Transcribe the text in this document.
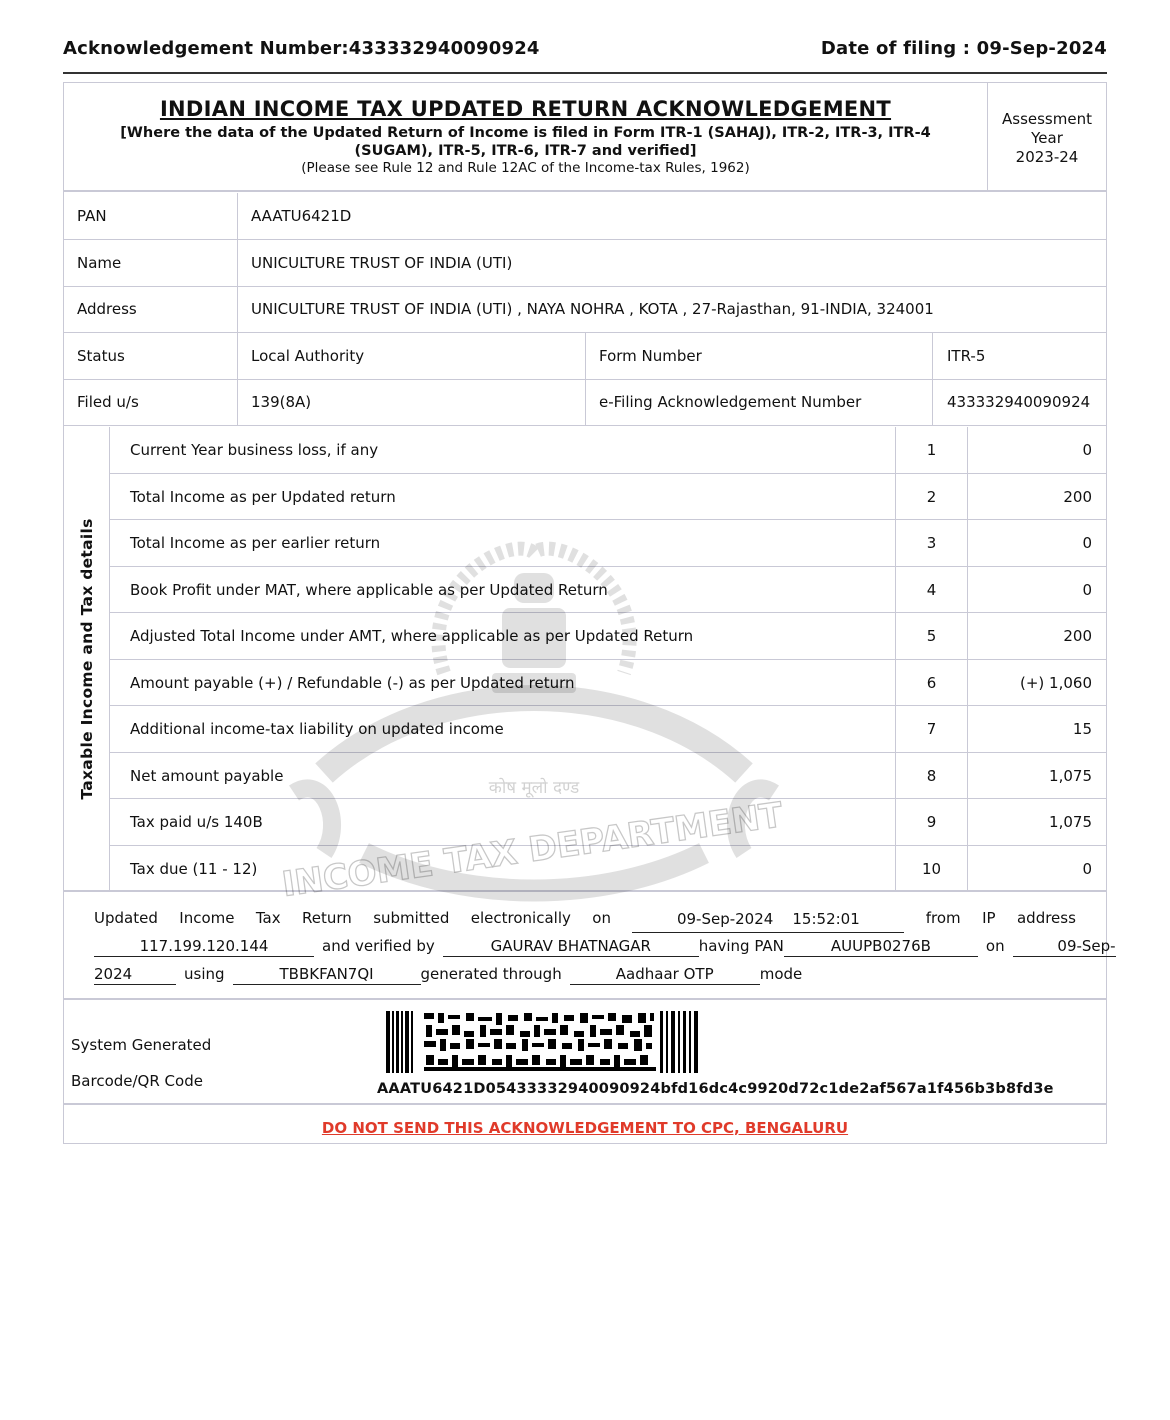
Acknowledgement Number:433332940090924	Date of filing : 09-Sep-2024
INDIAN INCOME TAX UPDATED RETURN ACKNOWLEDGEMENT
[Where the data of the Updated Return of Income is filed in Form ITR-1 (SAHAJ), ITR-2, ITR-3, ITR-4 (SUGAM), ITR-5, ITR-6, ITR-7 and verified]
(Please see Rule 12 and Rule 12AC of the Income-tax Rules, 1962)
Assessment
Year
2023-24
PAN	AAATU6421D
Name	UNICULTURE TRUST OF INDIA (UTI)
Address	UNICULTURE TRUST OF INDIA (UTI) , NAYA NOHRA , KOTA , 27-Rajasthan, 91-INDIA, 324001
Status	Local Authority	Form Number	ITR-5
Filed u/s	139(8A)	e-Filing Acknowledgement Number	433332940090924
Taxable Income and Tax details
Current Year business loss, if any	1	0
Total Income as per Updated return	2	200
Total Income as per earlier return	3	0
Book Profit under MAT, where applicable as per Updated Return	4	0
Adjusted Total Income under AMT, where applicable as per Updated Return	5	200
Amount payable (+) / Refundable (-) as per Updated return	6	(+) 1,060
Additional income-tax liability on updated income	7	15
Net amount payable	8	1,075
Tax paid u/s 140B	9	1,075
Tax due (11 - 12)	10	0
कोष मूलो दण्ड
INCOME TAX DEPARTMENT
Updated Income Tax Return submitted electronically on	09-Sep-2024    15:52:01	from IP address
117.199.120.144	and verified by	GAURAV BHATNAGAR	having PAN	AUUPB0276B	on	09-Sep-
2024	using	TBBKFAN7QI	generated through	Aadhaar OTP	mode
System Generated
Barcode/QR Code	AAATU6421D05433332940090924bfd16dc4c9920d72c1de2af567a1f456b3b8fd3e
DO NOT SEND THIS ACKNOWLEDGEMENT TO CPC, BENGALURU
